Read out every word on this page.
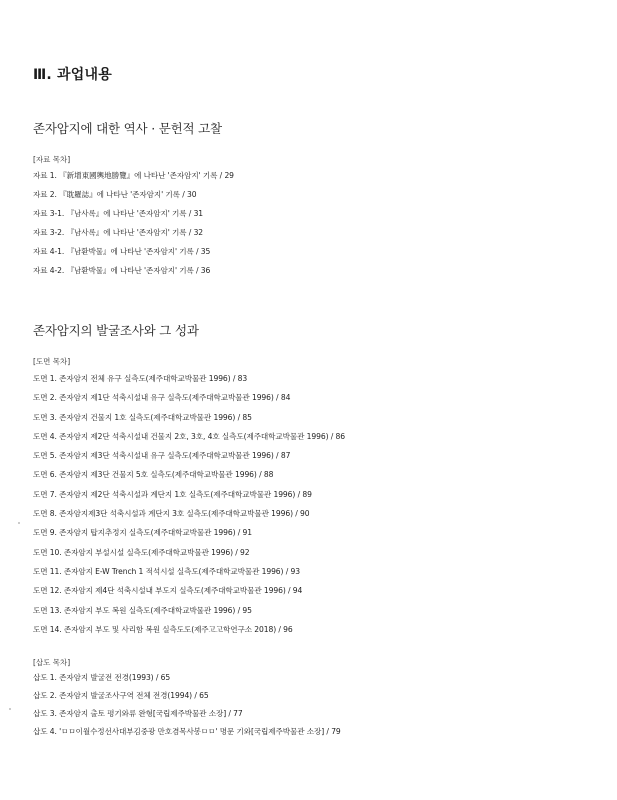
Ⅲ. 과업내용
존자암지에 대한 역사 · 문헌적 고찰
[자료 목차]
자료 1. 『新增東國輿地勝覽』에 나타난 '존자암지' 기록 / 29
자료 2. 『耽羅誌』에 나타난 '존자암지' 기록 / 30
자료 3-1. 『남사록』에 나타난 '존자암지' 기록 / 31
자료 3-2. 『남사록』에 나타난 '존자암지' 기록 / 32
자료 4-1. 『남환박물』에 나타난 '존자암지' 기록 / 35
자료 4-2. 『남환박물』에 나타난 '존자암지' 기록 / 36
존자암지의 발굴조사와 그 성과
[도면 목차]
도면 1. 존자암지 전체 유구 실측도(제주대학교박물관 1996) / 83
도면 2. 존자암지 제1단 석축시설내 유구 실측도(제주대학교박물관 1996) / 84
도면 3. 존자암지 건물지 1호 실측도(제주대학교박물관 1996) / 85
도면 4. 존자암지 제2단 석축시설내 건물지 2호, 3호, 4호 실측도(제주대학교박물관 1996) / 86
도면 5. 존자암지 제3단 석축시설내 유구 실측도(제주대학교박물관 1996) / 87
도면 6. 존자암지 제3단 건물지 5호 실측도(제주대학교박물관 1996) / 88
도면 7. 존자암지 제2단 석축시설과 계단지 1호 실측도(제주대학교박물관 1996) / 89
도면 8. 존자암지제3단 석축시설과 계단지 3호 실측도(제주대학교박물관 1996) / 90
도면 9. 존자암지 탑지추정지 실측도(제주대학교박물관 1996) / 91
도면 10. 존자암지 부설시설 실측도(제주대학교박물관 1996) / 92
도면 11. 존자암지 E-W Trench 1 적석시설 실측도(제주대학교박물관 1996) / 93
도면 12. 존자암지 제4단 석축시설내 부도지 실측도(제주대학교박물관 1996) / 94
도면 13. 존자암지 부도 복원 실측도(제주대학교박물관 1996) / 95
도면 14. 존자암지 부도 및 사리함 복원 실측도도(제주고고학연구소 2018) / 96
[삽도 목차]
삽도 1. 존자암지 발굴전 전경(1993) / 65
삽도 2. 존자암지 발굴조사구역 전체 전경(1994) / 65
삽도 3. 존자암지 출토 평기와류 완형[국립제주박물관 소장] / 77
삽도 4. 'ㅁㅁ이월수정선사대부김중광 만호겸목사봉ㅁㅁ' 명문 기와[국립제주박물관 소장] / 79
